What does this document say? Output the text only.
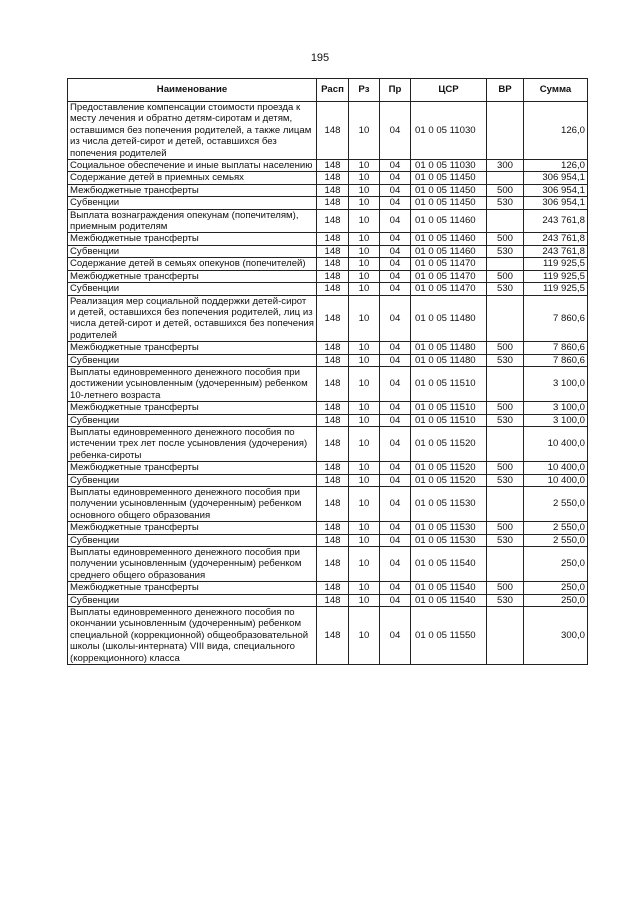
195
Наименование	Расп	Рз	Пр	ЦСР	ВР	Сумма
Предоставление компенсации стоимости проезда к месту лечения и обратно детям-сиротам и детям, оставшимся без попечения родителей, а также лицам из числа детей-сирот и детей, оставшихся без попечения родителей	148	10	04	01 0 05 11030		126,0
Социальное обеспечение и иные выплаты населению	148	10	04	01 0 05 11030	300	126,0
Содержание детей в приемных семьях	148	10	04	01 0 05 11450		306 954,1
Межбюджетные трансферты	148	10	04	01 0 05 11450	500	306 954,1
Субвенции	148	10	04	01 0 05 11450	530	306 954,1
Выплата вознаграждения опекунам (попечителям), приемным родителям	148	10	04	01 0 05 11460		243 761,8
Межбюджетные трансферты	148	10	04	01 0 05 11460	500	243 761,8
Субвенции	148	10	04	01 0 05 11460	530	243 761,8
Содержание детей в семьях опекунов (попечителей)	148	10	04	01 0 05 11470		119 925,5
Межбюджетные трансферты	148	10	04	01 0 05 11470	500	119 925,5
Субвенции	148	10	04	01 0 05 11470	530	119 925,5
Реализация мер социальной поддержки детей-сирот и детей, оставшихся без попечения родителей, лиц из числа детей-сирот и детей, оставшихся без попечения родителей	148	10	04	01 0 05 11480		7 860,6
Межбюджетные трансферты	148	10	04	01 0 05 11480	500	7 860,6
Субвенции	148	10	04	01 0 05 11480	530	7 860,6
Выплаты единовременного денежного пособия при достижении усыновленным (удочеренным) ребенком 10-летнего возраста	148	10	04	01 0 05 11510		3 100,0
Межбюджетные трансферты	148	10	04	01 0 05 11510	500	3 100,0
Субвенции	148	10	04	01 0 05 11510	530	3 100,0
Выплаты единовременного денежного пособия по истечении трех лет после усыновления (удочерения) ребенка-сироты	148	10	04	01 0 05 11520		10 400,0
Межбюджетные трансферты	148	10	04	01 0 05 11520	500	10 400,0
Субвенции	148	10	04	01 0 05 11520	530	10 400,0
Выплаты единовременного денежного пособия при получении усыновленным (удочеренным) ребенком основного общего образования	148	10	04	01 0 05 11530		2 550,0
Межбюджетные трансферты	148	10	04	01 0 05 11530	500	2 550,0
Субвенции	148	10	04	01 0 05 11530	530	2 550,0
Выплаты единовременного денежного пособия при получении усыновленным (удочеренным) ребенком среднего общего образования	148	10	04	01 0 05 11540		250,0
Межбюджетные трансферты	148	10	04	01 0 05 11540	500	250,0
Субвенции	148	10	04	01 0 05 11540	530	250,0
Выплаты единовременного денежного пособия по окончании усыновленным (удочеренным) ребенком специальной (коррекционной) общеобразовательной школы (школы-интерната) VIII вида, специального (коррекционного) класса	148	10	04	01 0 05 11550		300,0
